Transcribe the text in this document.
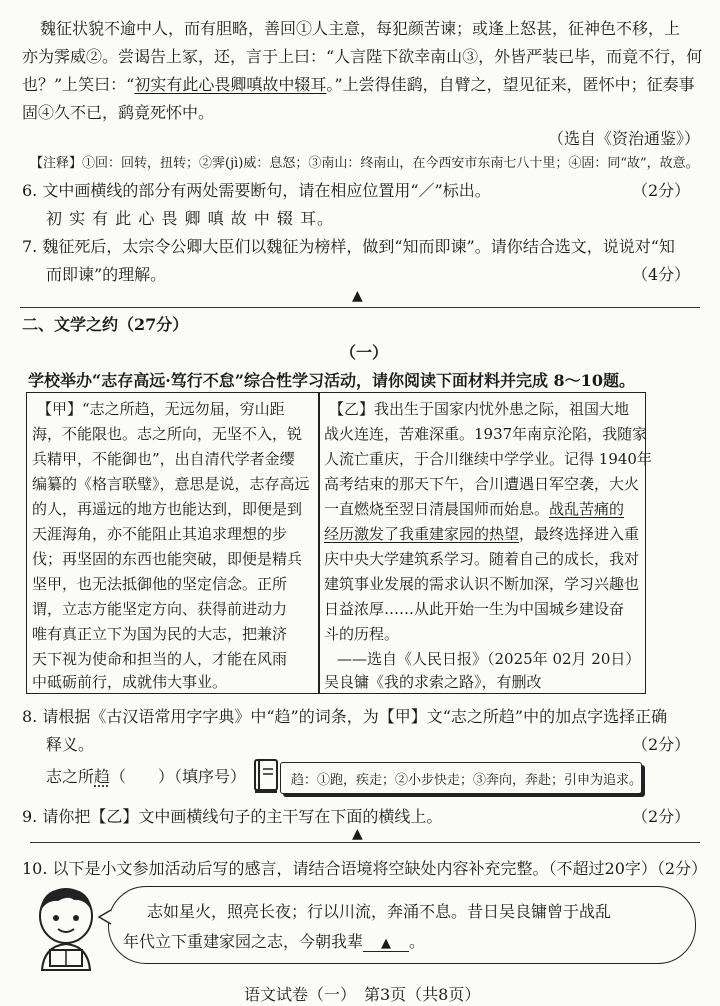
魏征状貌不逾中人，而有胆略，善回①人主意，每犯颜苦谏；或逢上怒甚，征神色不移，上
亦为霁威②。尝谒告上冢，还，言于上曰：“人言陛下欲幸南山③，外皆严装已毕，而竟不行，何
也？”上笑曰：“初实有此心畏卿嗔故中辍耳。”上尝得佳鹞，自臂之，望见征来，匿怀中；征奏事
固④久不已，鹞竟死怀中。
（选自《资治通鉴》）
【注释】①回：回转，扭转；②霁(jì)威：息怒；③南山：终南山，在今西安市东南七八十里；④固：同“故”，故意。
6. 文中画横线的部分有两处需要断句，请在相应位置用“／”标出。	（2分）
初 实 有 此 心 畏 卿 嗔 故 中 辍 耳。
7. 魏征死后，太宗令公卿大臣们以魏征为榜样，做到“知而即谏”。请你结合选文，说说对“知
而即谏”的理解。	（4分）
▲
二、文学之约（27分）
（一）
学校举办“志存高远·笃行不怠”综合性学习活动，请你阅读下面材料并完成 8～10题。
【甲】“志之所趋，无远勿届，穷山距
海，不能限也。志之所向，无坚不入，锐
兵精甲，不能御也”，出自清代学者金缨
编纂的《格言联璧》，意思是说，志存高远
的人，再遥远的地方也能达到，即便是到
天涯海角，亦不能阻止其追求理想的步
伐；再坚固的东西也能突破，即便是精兵
坚甲，也无法抵御他的坚定信念。正所
谓，立志方能坚定方向、获得前进动力
唯有真正立下为国为民的大志，把兼济
天下视为使命和担当的人，才能在风雨
中砥砺前行，成就伟大事业。
【乙】我出生于国家内忧外患之际，祖国大地
战火连连，苦难深重。1937年南京沦陷，我随家
人流亡重庆，于合川继续中学学业。记得 1940年
高考结束的那天下午，合川遭遇日军空袭，大火
一直燃烧至翌日清晨国师而始息。战乱苦痛的
经历激发了我重建家园的热望，最终选择进入重
庆中央大学建筑系学习。随着自己的成长，我对
建筑事业发展的需求认识不断加深，学习兴趣也
日益浓厚……从此开始一生为中国城乡建设奋
斗的历程。
——选自《人民日报》（2025年 02月 20日）
吴良镛《我的求索之路》，有删改
8. 请根据《古汉语常用字字典》中“趋”的词条，为【甲】文“志之所趋”中的加点字选择正确
释义。	（2分）
志之所趋（　　）（填序号）	趋：①跑，疾走；②小步快走；③奔向，奔赴；引申为追求。
9. 请你把【乙】文中画横线句子的主干写在下面的横线上。	（2分）
▲
10. 以下是小文参加活动后写的感言，请结合语境将空缺处内容补充完整。（不超过20字）（2分）
志如星火，照亮长夜；行以川流，奔涌不息。昔日吴良镛曾于战乱
年代立下重建家园之志，今朝我辈 ▲ 。
语文试卷（一）　第3页（共8页）
